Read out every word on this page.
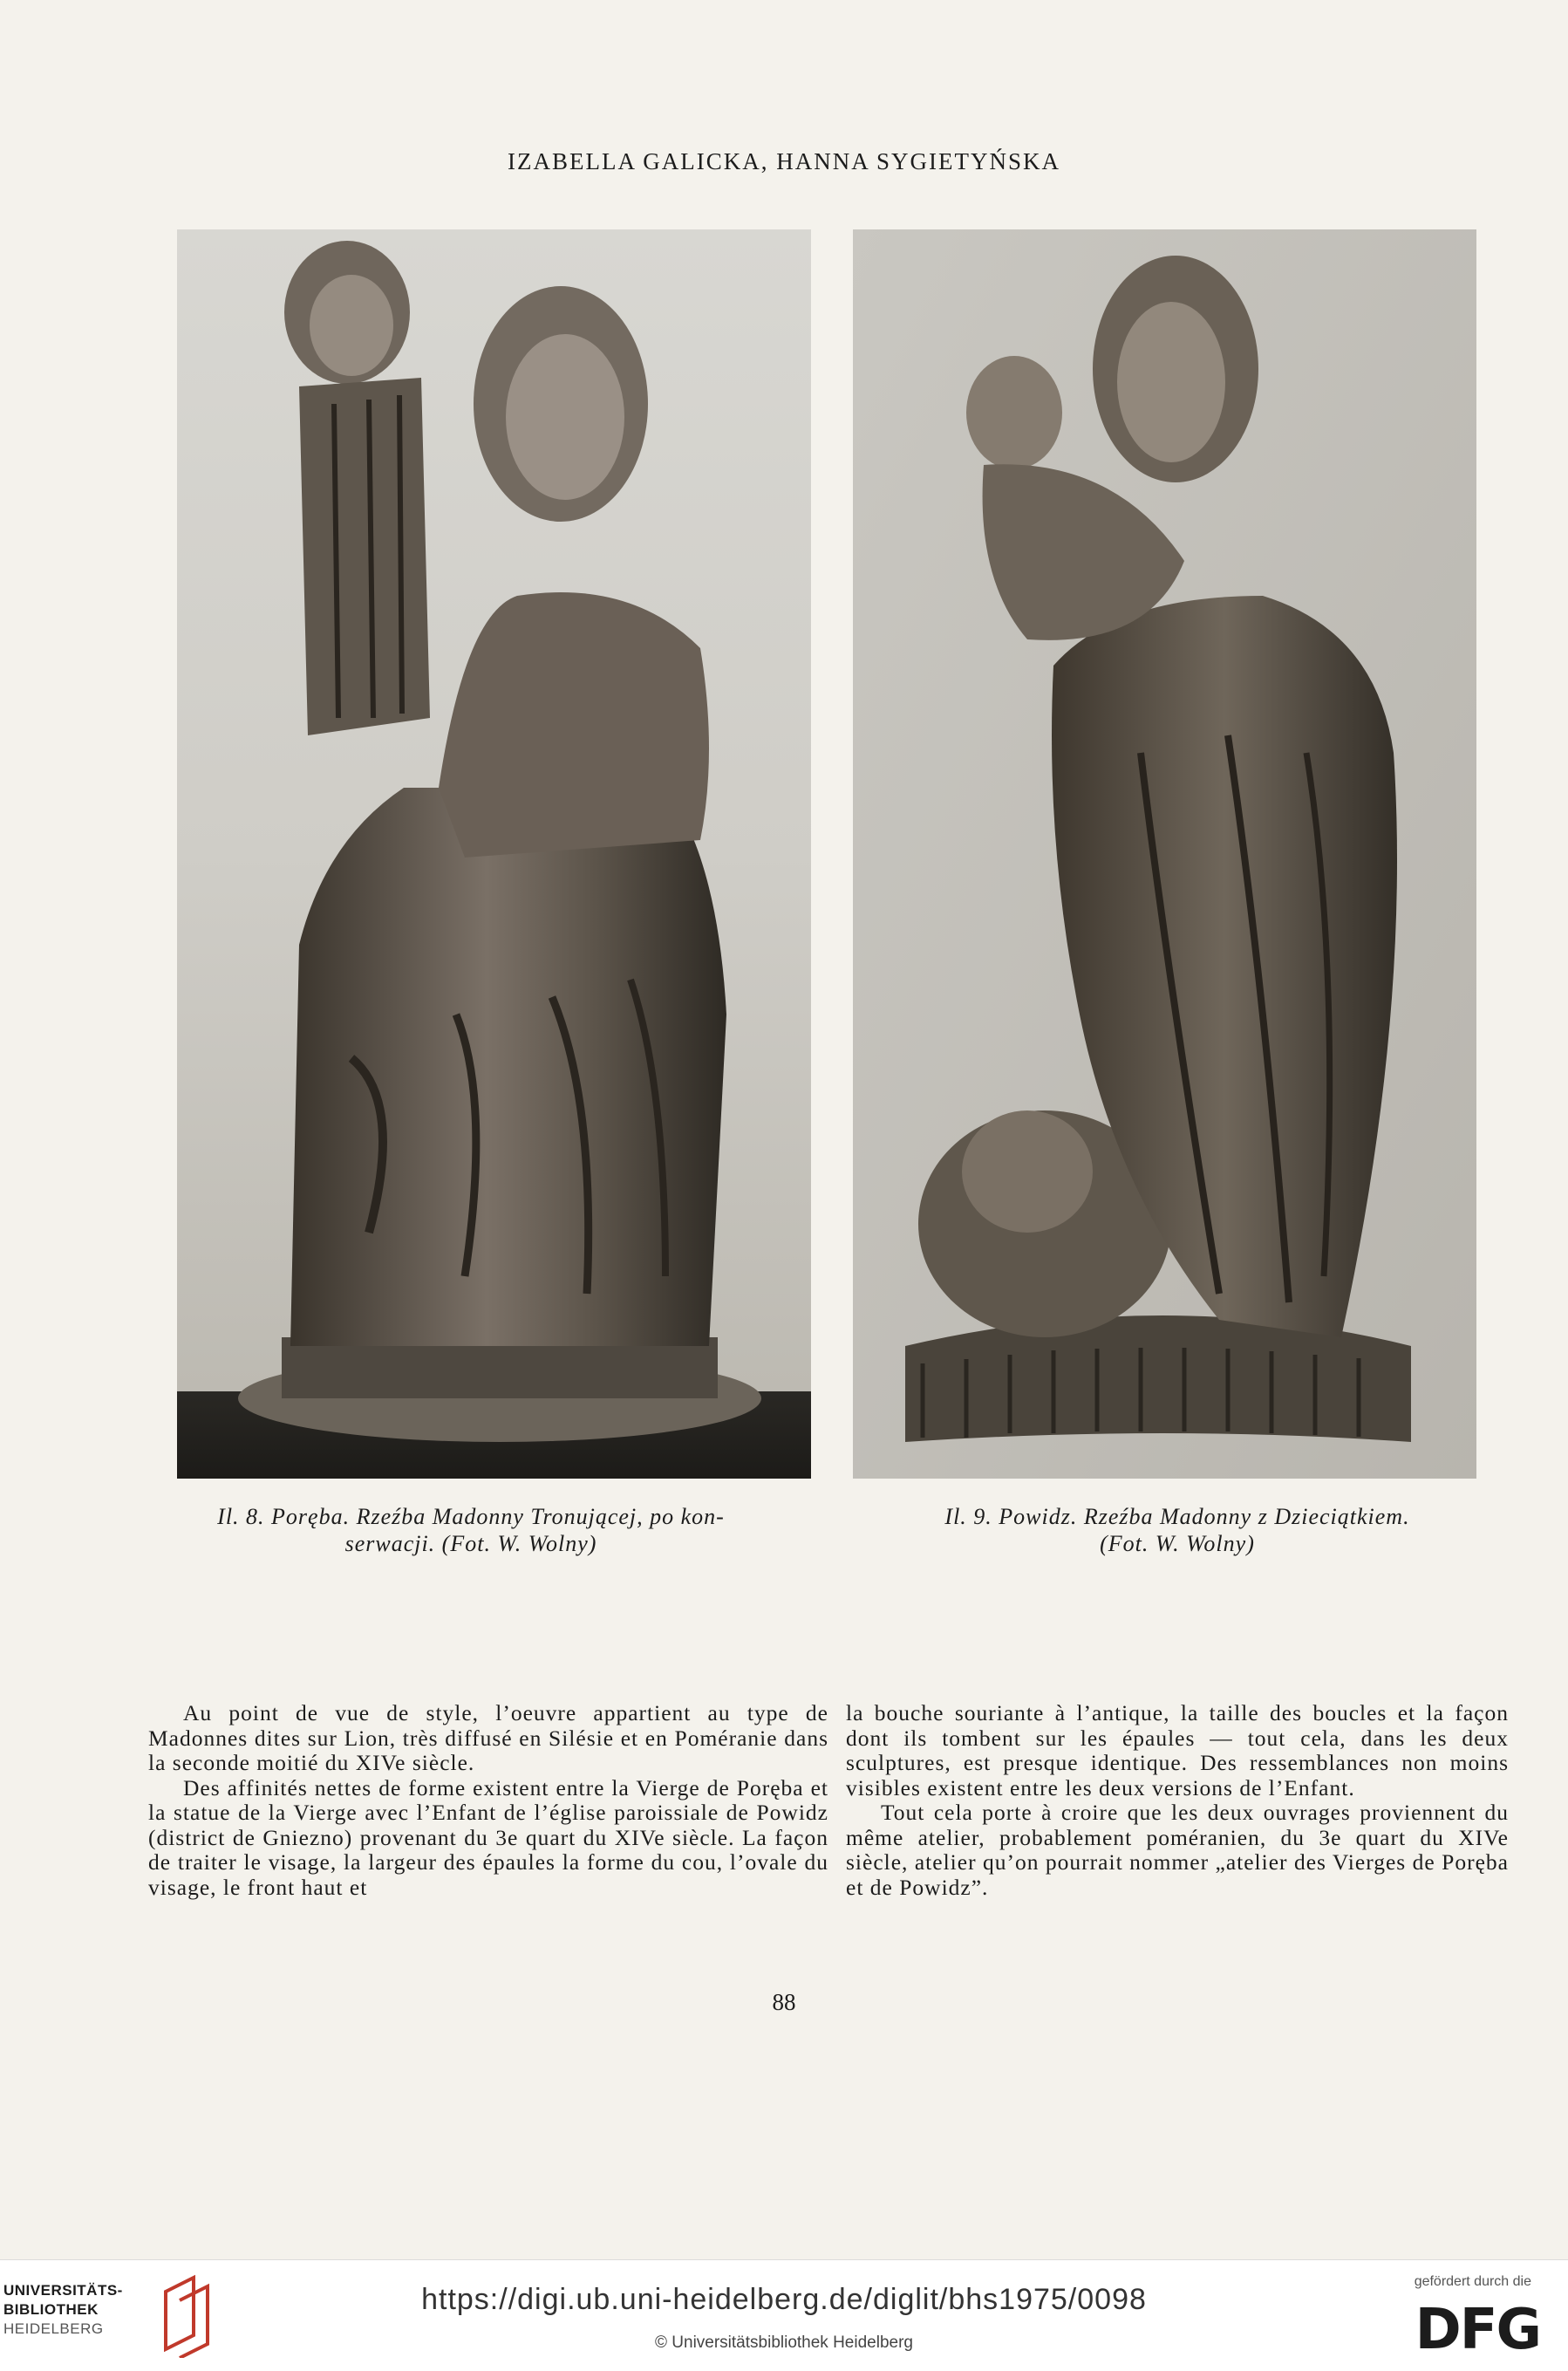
IZABELLA GALICKA, HANNA SYGIETYŃSKA
Il. 8. Poręba. Rzeźba Madonny Tronującej, po kon-
serwacji. (Fot. W. Wolny)
Il. 9. Powidz. Rzeźba Madonny z Dzieciątkiem.
(Fot. W. Wolny)

Au point de vue de style, l’oeuvre appartient au type de Madonnes dites sur Lion, très diffusé en Silésie et en Poméranie dans la seconde moitié du XIVe siècle.

Des affinités nettes de forme existent entre la Vierge de Poręba et la statue de la Vierge avec l’Enfant de l’église paroissiale de Powidz (district de Gniezno) provenant du 3e quart du XIVe siècle. La façon de traiter le visage, la largeur des épaules la forme du cou, l’ovale du visage, le front haut et

la bouche souriante à l’antique, la taille des boucles et la façon dont ils tombent sur les épaules — tout cela, dans les deux sculptures, est presque identique. Des ressemblances non moins visibles existent entre les deux versions de l’Enfant.

Tout cela porte à croire que les deux ouvrages proviennent du même atelier, probablement poméranien, du 3e quart du XIVe siècle, atelier qu’on pourrait nommer „atelier des Vierges de Poręba et de Powidz”.

88
UNIVERSITÄTS-
BIBLIOTHEK
HEIDELBERG
https://digi.ub.uni-heidelberg.de/diglit/bhs1975/0098
© Universitätsbibliothek Heidelberg
gefördert durch die
DFG
